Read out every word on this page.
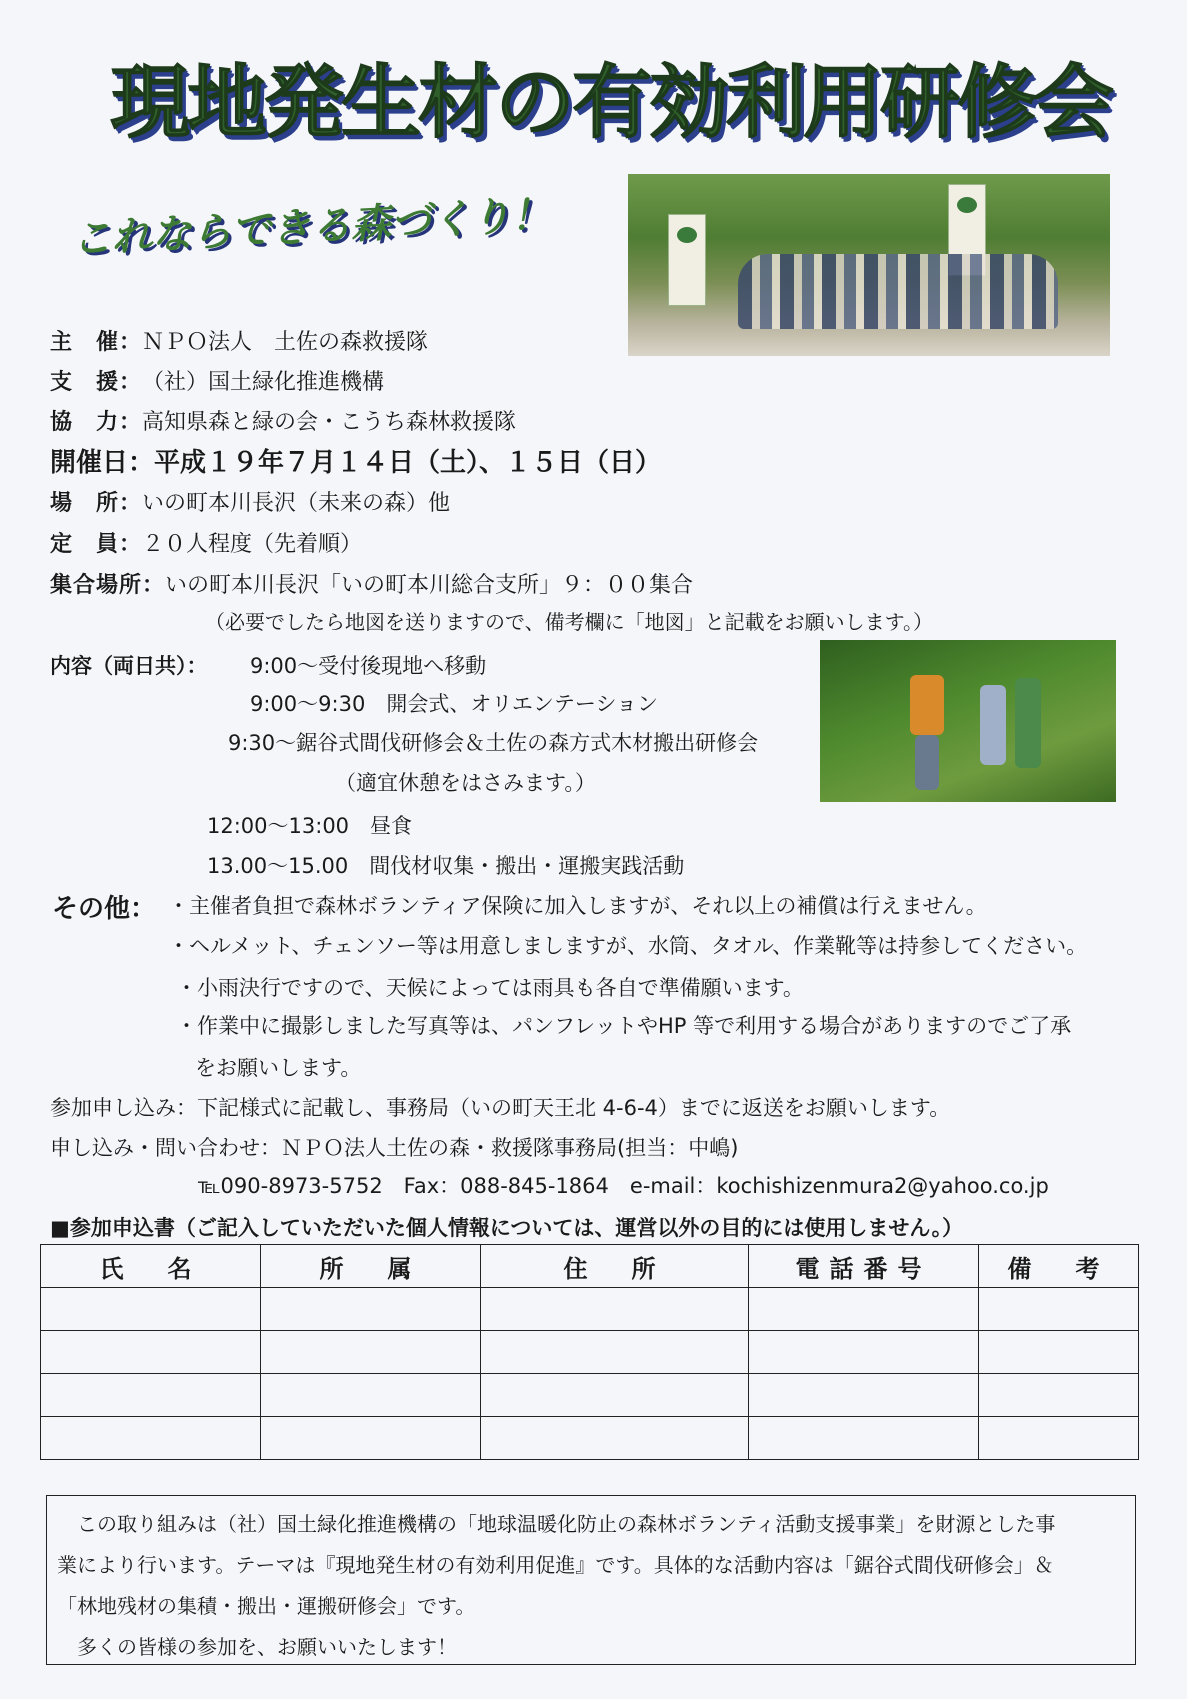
現地発生材の有効利用研修会
これならできる森づくり！
主　催：ＮＰＯ法人　土佐の森救援隊
支　援：（社）国土緑化推進機構
協　力：高知県森と緑の会・こうち森林救援隊
開催日：平成１９年７月１４日（土）、１５日（日）
場　所：いの町本川長沢（未来の森）他
定　員：２０人程度（先着順）
集合場所：いの町本川長沢「いの町本川総合支所」９：００集合
（必要でしたら地図を送りますので、備考欄に「地図」と記載をお願いします。）
内容（両日共）： 9:00～受付後現地へ移動
9:00～9:30　開会式、オリエンテーション
9:30～鋸谷式間伐研修会＆土佐の森方式木材搬出研修会
（適宜休憩をはさみます。）
12:00～13:00　昼食
13.00～15.00　間伐材収集・搬出・運搬実践活動
その他： ・主催者負担で森林ボランティア保険に加入しますが、それ以上の補償は行えません。
・ヘルメット、チェンソー等は用意しましますが、水筒、タオル、作業靴等は持参してください。
・小雨決行ですので、天候によっては雨具も各自で準備願います。
・作業中に撮影しました写真等は、パンフレットやHP 等で利用する場合がありますのでご了承
をお願いします。
参加申し込み：下記様式に記載し、事務局（いの町天王北 4-6-4）までに返送をお願いします。
申し込み・問い合わせ：ＮＰＯ法人土佐の森・救援隊事務局(担当：中嶋)
℡090-8973-5752　Fax：088-845-1864　e-mail：kochishizenmura2@yahoo.co.jp
■参加申込書（ご記入していただいた個人情報については、運営以外の目的には使用しません。）
氏　名	所　属	住　所	電話番号	備　考

　この取り組みは（社）国土緑化推進機構の「地球温暖化防止の森林ボランティ活動支援事業」を財源とした事
業により行います。テーマは『現地発生材の有効利用促進』です。具体的な活動内容は「鋸谷式間伐研修会」＆
「林地残材の集積・搬出・運搬研修会」です。
　多くの皆様の参加を、お願いいたします！
